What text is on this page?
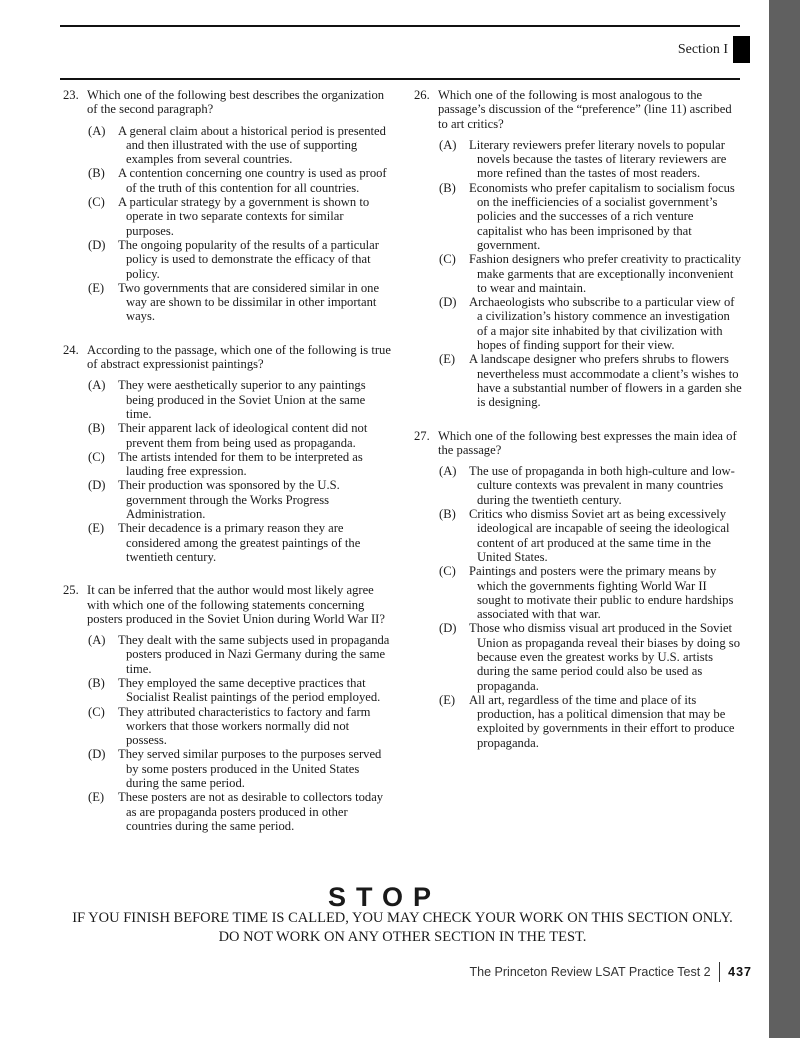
Section I
23. Which one of the following best describes the organization of the second paragraph?
(A) A general claim about a historical period is presented and then illustrated with the use of supporting examples from several countries.
(B)	A contention concerning one country is used as proof of the truth of this contention for all countries.
(C)	A particular strategy by a government is shown to operate in two separate contexts for similar purposes.
(D) The ongoing popularity of the results of a particular policy is used to demonstrate the efficacy of that policy.
(E)	Two governments that are considered similar in one way are shown to be dissimilar in other important ways.
24. According to the passage, which one of the following is true of abstract expressionist paintings?
(A) They were aesthetically superior to any paintings being produced in the Soviet Union at the same time.
(B)	Their apparent lack of ideological content did not prevent them from being used as propaganda.
(C)	The artists intended for them to be interpreted as lauding free expression.
(D) Their production was sponsored by the U.S. government through the Works Progress Administration.
(E)	Their decadence is a primary reason they are considered among the greatest paintings of the twentieth century.
25. It can be inferred that the author would most likely agree with which one of the following statements concerning posters produced in the Soviet Union during World War II?
(A) They dealt with the same subjects used in propaganda posters produced in Nazi Germany during the same time.
(B)	They employed the same deceptive practices that Socialist Realist paintings of the period employed.
(C)	They attributed characteristics to factory and farm workers that those workers normally did not possess.
(D) They served similar purposes to the purposes served by some posters produced in the United States during the same period.
(E)	These posters are not as desirable to collectors today as are propaganda posters produced in other countries during the same period.
26. Which one of the following is most analogous to the passage’s discussion of the “preference” (line 11) ascribed to art critics?
(A) Literary reviewers prefer literary novels to popular novels because the tastes of literary reviewers are more refined than the tastes of most readers.
(B)	Economists who prefer capitalism to socialism focus on the inefficiencies of a socialist government’s policies and the successes of a rich venture capitalist who has been imprisoned by that government.
(C)	Fashion designers who prefer creativity to practicality make garments that are exceptionally inconvenient to wear and maintain.
(D) Archaeologists who subscribe to a particular view of a civilization’s history commence an investigation of a major site inhabited by that civilization with hopes of finding support for their view.
(E)	A landscape designer who prefers shrubs to flowers nevertheless must accommodate a client’s wishes to have a substantial number of flowers in a garden she is designing.
27. Which one of the following best expresses the main idea of the passage?
(A) The use of propaganda in both high-culture and low-culture contexts was prevalent in many countries during the twentieth century.
(B)	Critics who dismiss Soviet art as being excessively ideological are incapable of seeing the ideological content of art produced at the same time in the United States.
(C)	Paintings and posters were the primary means by which the governments fighting World War II sought to motivate their public to endure hardships associated with that war.
(D) Those who dismiss visual art produced in the Soviet Union as propaganda reveal their biases by doing so because even the greatest works by U.S. artists during the same period could also be used as propaganda.
(E)	All art, regardless of the time and place of its production, has a political dimension that may be exploited by governments in their effort to produce propaganda.
STOP
IF YOU FINISH BEFORE TIME IS CALLED, YOU MAY CHECK YOUR WORK ON THIS SECTION ONLY.
DO NOT WORK ON ANY OTHER SECTION IN THE TEST.
The Princeton Review LSAT Practice Test 2 437
